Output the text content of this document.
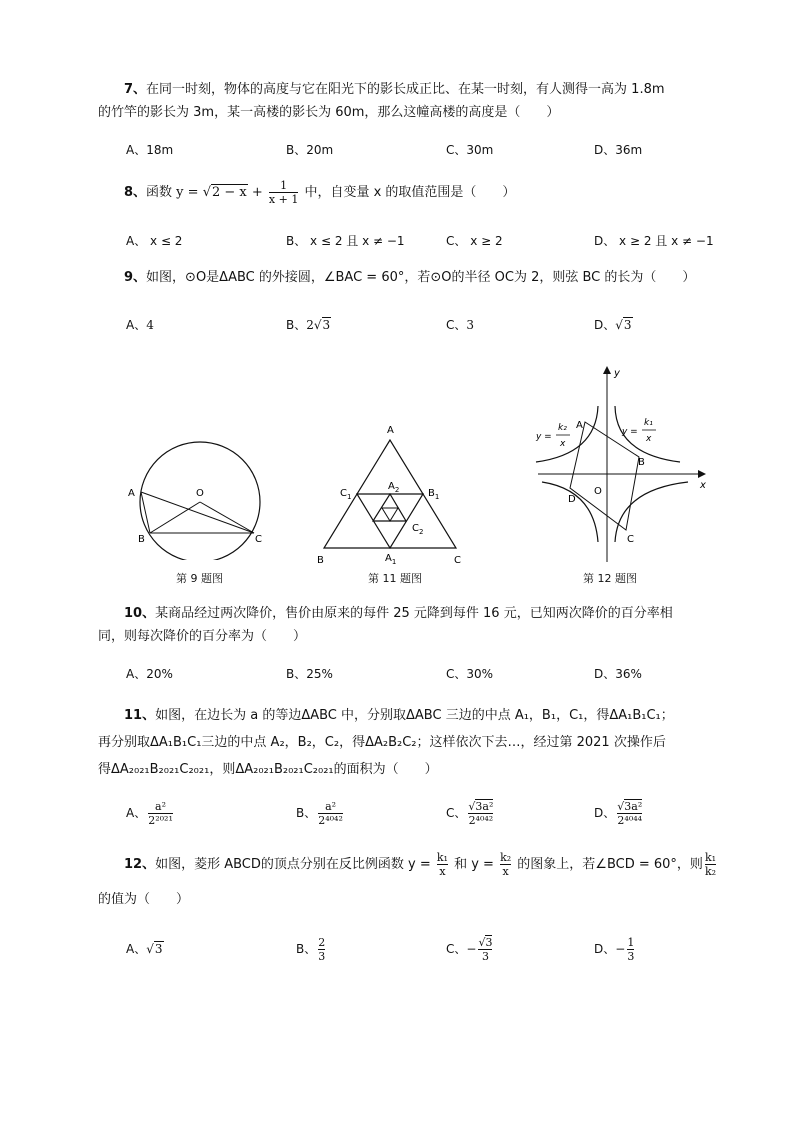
7、在同一时刻，物体的高度与它在阳光下的影长成正比、在某一时刻，有人测得一高为 1.8m
的竹竿的影长为 3m，某一高楼的影长为 60m，那么这幢高楼的高度是（　　）
A、18m	B、20m	C、30m	D、36m
8、函数 $y = √2 - x + \frac{1}{x + 1}$ 中，自变量 x 的取值范围是（　　）
A、 x ≤ 2	B、 x ≤ 2 且 x ≠ −1	C、 x ≥ 2	D、 x ≥ 2 且 x ≠ −1
9、如图，⊙O是ΔABC 的外接圆，∠BAC = 60°，若⊙O的半径 OC为 2，则弦 BC 的长为（　　）
A、4	B、2√3	C、3	D、√3
A	O
B	C
第 9 题图
A
B	C
$C_1$	$B_1$
$A_1$
$A_2$
$C_2$
第 11 题图
A
B
C
D
O
x
y
y =
k₂
x
y =
k₁
x
第 12 题图
10、某商品经过两次降价，售价由原来的每件 25 元降到每件 16 元，已知两次降价的百分率相
同，则每次降价的百分率为（　　）
A、20%	B、25%	C、30%	D、36%
11、如图，在边长为 a 的等边ΔABC 中，分别取ΔABC 三边的中点 A₁，B₁，C₁，得ΔA₁B₁C₁；
再分别取ΔA₁B₁C₁三边的中点 A₂，B₂，C₂，得ΔA₂B₂C₂；这样依次下去…，经过第 2021 次操作后
得ΔA₂₀₂₁B₂₀₂₁C₂₀₂₁，则ΔA₂₀₂₁B₂₀₂₁C₂₀₂₁的面积为（　　）
A、 $\frac{\text{a²}}{\text{2²⁰²¹}}$	B、 $\frac{\text{a²}}{\text{2⁴⁰⁴²}}$	C、 $\frac{\text{√3a²}}{\text{2⁴⁰⁴²}}$	D、 $\frac{\text{√3a²}}{\text{2⁴⁰⁴⁴}}$
12、如图，菱形 ABCD的顶点分别在反比例函数 $y = \frac{\text{k₁}}{x}$ 和 $y = \frac{\text{k₂}}{x}$ 的图象上，若∠BCD = 60°，则 $\frac{\text{k₁}}{\text{k₂}}$
的值为（　　）
A、√3	B、 $\frac{2}{3}$	C、− $\frac{√3}{3}$	D、− $\frac{1}{3}$
